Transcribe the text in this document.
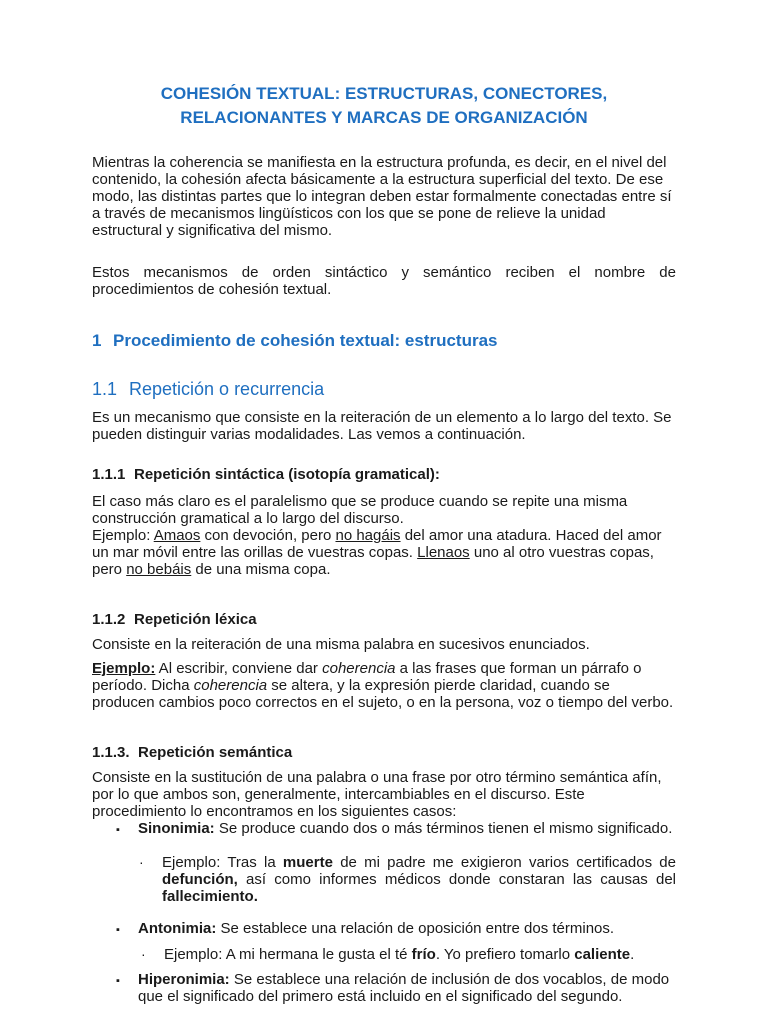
COHESIÓN TEXTUAL: ESTRUCTURAS, CONECTORES,
RELACIONANTES Y MARCAS DE ORGANIZACIÓN

Mientras la coherencia se manifiesta en la estructura profunda, es decir, en el nivel del contenido, la cohesión afecta básicamente a la estructura superficial del texto. De ese modo, las distintas partes que lo integran deben estar formalmente conectadas entre sí a través de mecanismos lingüísticos con los que se pone de relieve la unidad estructural y significativa del mismo.

Estos mecanismos de orden sintáctico y semántico reciben el nombre de procedimientos de cohesión textual.

1 Procedimiento de cohesión textual: estructuras
1.1 Repetición o recurrencia

Es un mecanismo que consiste en la reiteración de un elemento a lo largo del texto. Se pueden distinguir varias modalidades. Las vemos a continuación.

1.1.1 Repetición sintáctica (isotopía gramatical):

El caso más claro es el paralelismo que se produce cuando se repite una misma construcción gramatical a lo largo del discurso.

Ejemplo: Amaos con devoción, pero no hagáis del amor una atadura. Haced del amor un mar móvil entre las orillas de vuestras copas. Llenaos uno al otro vuestras copas, pero no bebáis de una misma copa.

1.1.2 Repetición léxica

Consiste en la reiteración de una misma palabra en sucesivos enunciados.

Ejemplo: Al escribir, conviene dar coherencia a las frases que forman un párrafo o período. Dicha coherencia se altera, y la expresión pierde claridad, cuando se producen cambios poco correctos en el sujeto, o en la persona, voz o tiempo del verbo.

1.1.3. Repetición semántica

Consiste en la sustitución de una palabra o una frase por otro término semántica afín, por lo que ambos son, generalmente, intercambiables en el discurso. Este procedimiento lo encontramos en los siguientes casos:

▪ Sinonimia: Se produce cuando dos o más términos tienen el mismo significado.

· Ejemplo: Tras la muerte de mi padre me exigieron varios certificados de defunción, así como informes médicos donde constaran las causas del fallecimiento.

▪ Antonimia: Se establece una relación de oposición entre dos términos.

· Ejemplo: A mi hermana le gusta el té frío. Yo prefiero tomarlo caliente.

▪ Hiperonimia: Se establece una relación de inclusión de dos vocablos, de modo que el significado del primero está incluido en el significado del segundo.
